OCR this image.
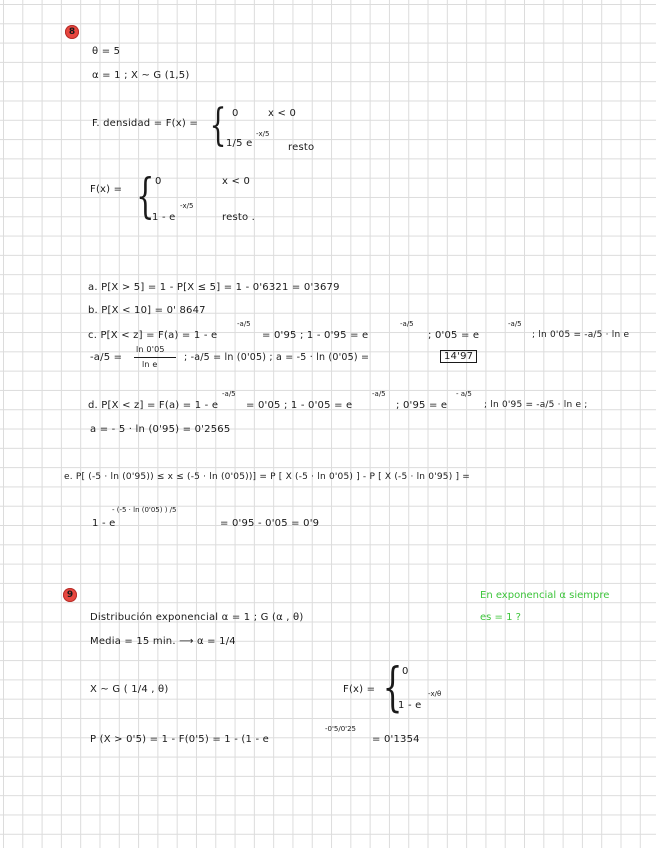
8
θ = 5
α = 1 ; X ~ G (1,5)
F. densidad = F(x) = { 0	x < 0
1/5 e
-x/5
resto
F(x) = { 0	x < 0
1 - e
-x/5
resto .
a. P[X > 5] = 1 - P[X ≤ 5] = 1 - 0'6321 = 0'3679
b. P[X < 10] = 0' 8647
c. P[X < z] = F(a) = 1 - e
-a/5
= 0'95 ; 1 - 0'95 = e
-a/5
; 0'05 = e
-a/5
; ln 0'05 = -a/5 · ln e
-a/5 =
ln 0'05
ln e
; -a/5 = ln (0'05) ; a = -5 · ln (0'05) =	14'97
d. P[X < z] = F(a) = 1 - e
-a/5
= 0'05 ; 1 - 0'05 = e
-a/5
; 0'95 = e
- a/5
; ln 0'95 = -a/5 · ln e ;
a = - 5 · ln (0'95) = 0'2565
e. P[ (-5 · ln (0'95)) ≤ x ≤ (-5 · ln (0'05))] = P [ X (-5 · ln 0'05) ] - P [ X (-5 · ln 0'95) ] =
- (-5 · ln (0'05) ) /5
1 - e	= 0'95 - 0'05 = 0'9
9	En exponencial α siempre
es = 1 ?
Distribución exponencial α = 1 ; G (α , θ)
Media = 15 min. ⟶ α = 1/4
X ~ G ( 1/4 , θ)	F(x) = { 0
1 - e
-x/θ
P (X > 0'5) = 1 - F(0'5) = 1 - (1 - e
-0'5/0'25
= 0'1354
